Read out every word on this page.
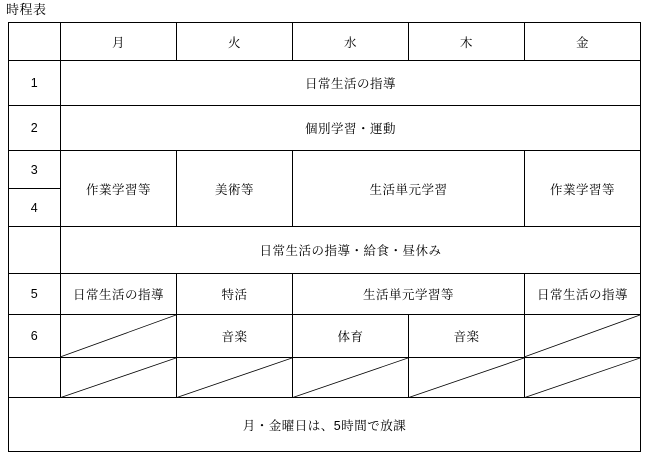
時程表
	月	火	水	木	金
1	日常生活の指導				
2	個別学習・運動				
3	作業学習等	美術等	生活単元学習		作業学習等
4					
	日常生活の指導・給食・昼休み				
5	日常生活の指導	特活	生活単元学習等		日常生活の指導
6		音楽	体育	音楽	

月・金曜日は、5時間で放課					
